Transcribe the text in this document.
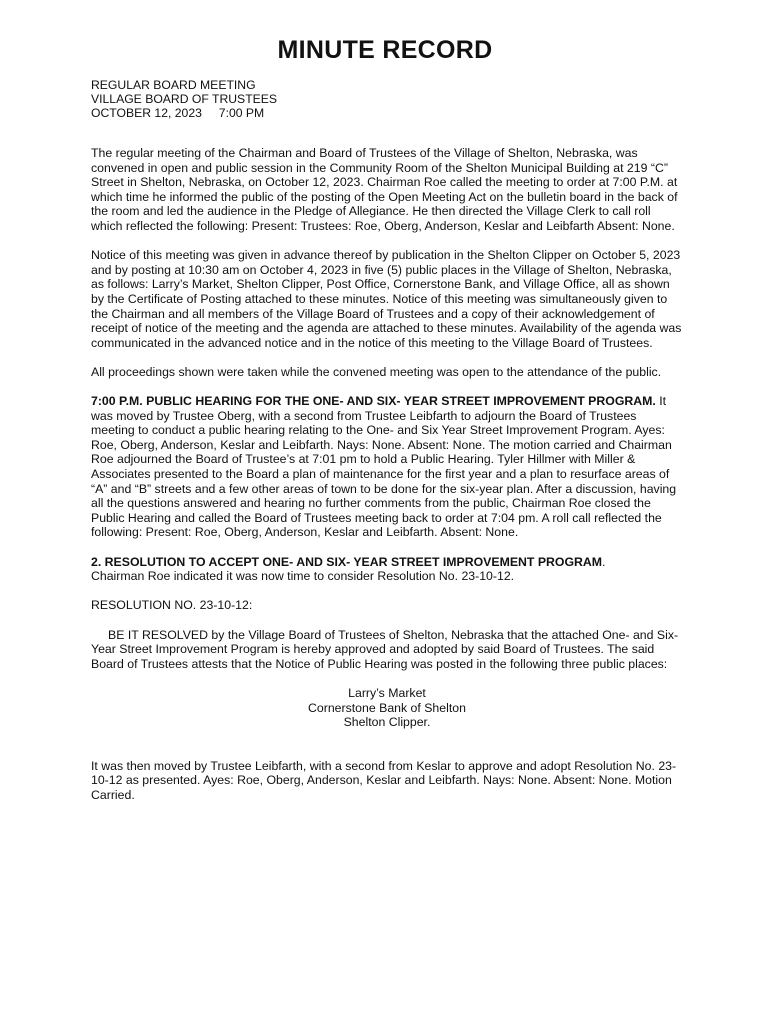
MINUTE RECORD
REGULAR BOARD MEETING
VILLAGE BOARD OF TRUSTEES
OCTOBER 12, 2023     7:00 PM

The regular meeting of the Chairman and Board of Trustees of the Village of Shelton, Nebraska, was convened in open and public session in the Community Room of the Shelton Municipal Building at 219 “C” Street in Shelton, Nebraska, on October 12, 2023. Chairman Roe called the meeting to order at 7:00 P.M. at which time he informed the public of the posting of the Open Meeting Act on the bulletin board in the back of the room and led the audience in the Pledge of Allegiance. He then directed the Village Clerk to call roll which reflected the following: Present: Trustees: Roe, Oberg, Anderson, Keslar and Leibfarth Absent: None.

Notice of this meeting was given in advance thereof by publication in the Shelton Clipper on October 5, 2023 and by posting at 10:30 am on October 4, 2023 in five (5) public places in the Village of Shelton, Nebraska, as follows: Larry’s Market, Shelton Clipper, Post Office, Cornerstone Bank, and Village Office, all as shown by the Certificate of Posting attached to these minutes. Notice of this meeting was simultaneously given to the Chairman and all members of the Village Board of Trustees and a copy of their acknowledgement of receipt of notice of the meeting and the agenda are attached to these minutes. Availability of the agenda was communicated in the advanced notice and in the notice of this meeting to the Village Board of Trustees.

All proceedings shown were taken while the convened meeting was open to the attendance of the public.

7:00 P.M. PUBLIC HEARING FOR THE ONE- AND SIX- YEAR STREET IMPROVEMENT PROGRAM. It was moved by Trustee Oberg, with a second from Trustee Leibfarth to adjourn the Board of Trustees meeting to conduct a public hearing relating to the One- and Six Year Street Improvement Program. Ayes: Roe, Oberg, Anderson, Keslar and Leibfarth. Nays: None. Absent: None. The motion carried and Chairman Roe adjourned the Board of Trustee’s at 7:01 pm to hold a Public Hearing. Tyler Hillmer with Miller & Associates presented to the Board a plan of maintenance for the first year and a plan to resurface areas of “A” and “B” streets and a few other areas of town to be done for the six-year plan. After a discussion, having all the questions answered and hearing no further comments from the public, Chairman Roe closed the Public Hearing and called the Board of Trustees meeting back to order at 7:04 pm. A roll call reflected the following: Present: Roe, Oberg, Anderson, Keslar and Leibfarth. Absent: None.

2. RESOLUTION TO ACCEPT ONE- AND SIX- YEAR STREET IMPROVEMENT PROGRAM.
Chairman Roe indicated it was now time to consider Resolution No. 23-10-12.

RESOLUTION NO. 23-10-12:

BE IT RESOLVED by the Village Board of Trustees of Shelton, Nebraska that the attached One- and Six- Year Street Improvement Program is hereby approved and adopted by said Board of Trustees. The said Board of Trustees attests that the Notice of Public Hearing was posted in the following three public places:

Larry’s Market
Cornerstone Bank of Shelton
Shelton Clipper.

It was then moved by Trustee Leibfarth, with a second from Keslar to approve and adopt Resolution No. 23-10-12 as presented. Ayes: Roe, Oberg, Anderson, Keslar and Leibfarth. Nays: None. Absent: None. Motion Carried.
